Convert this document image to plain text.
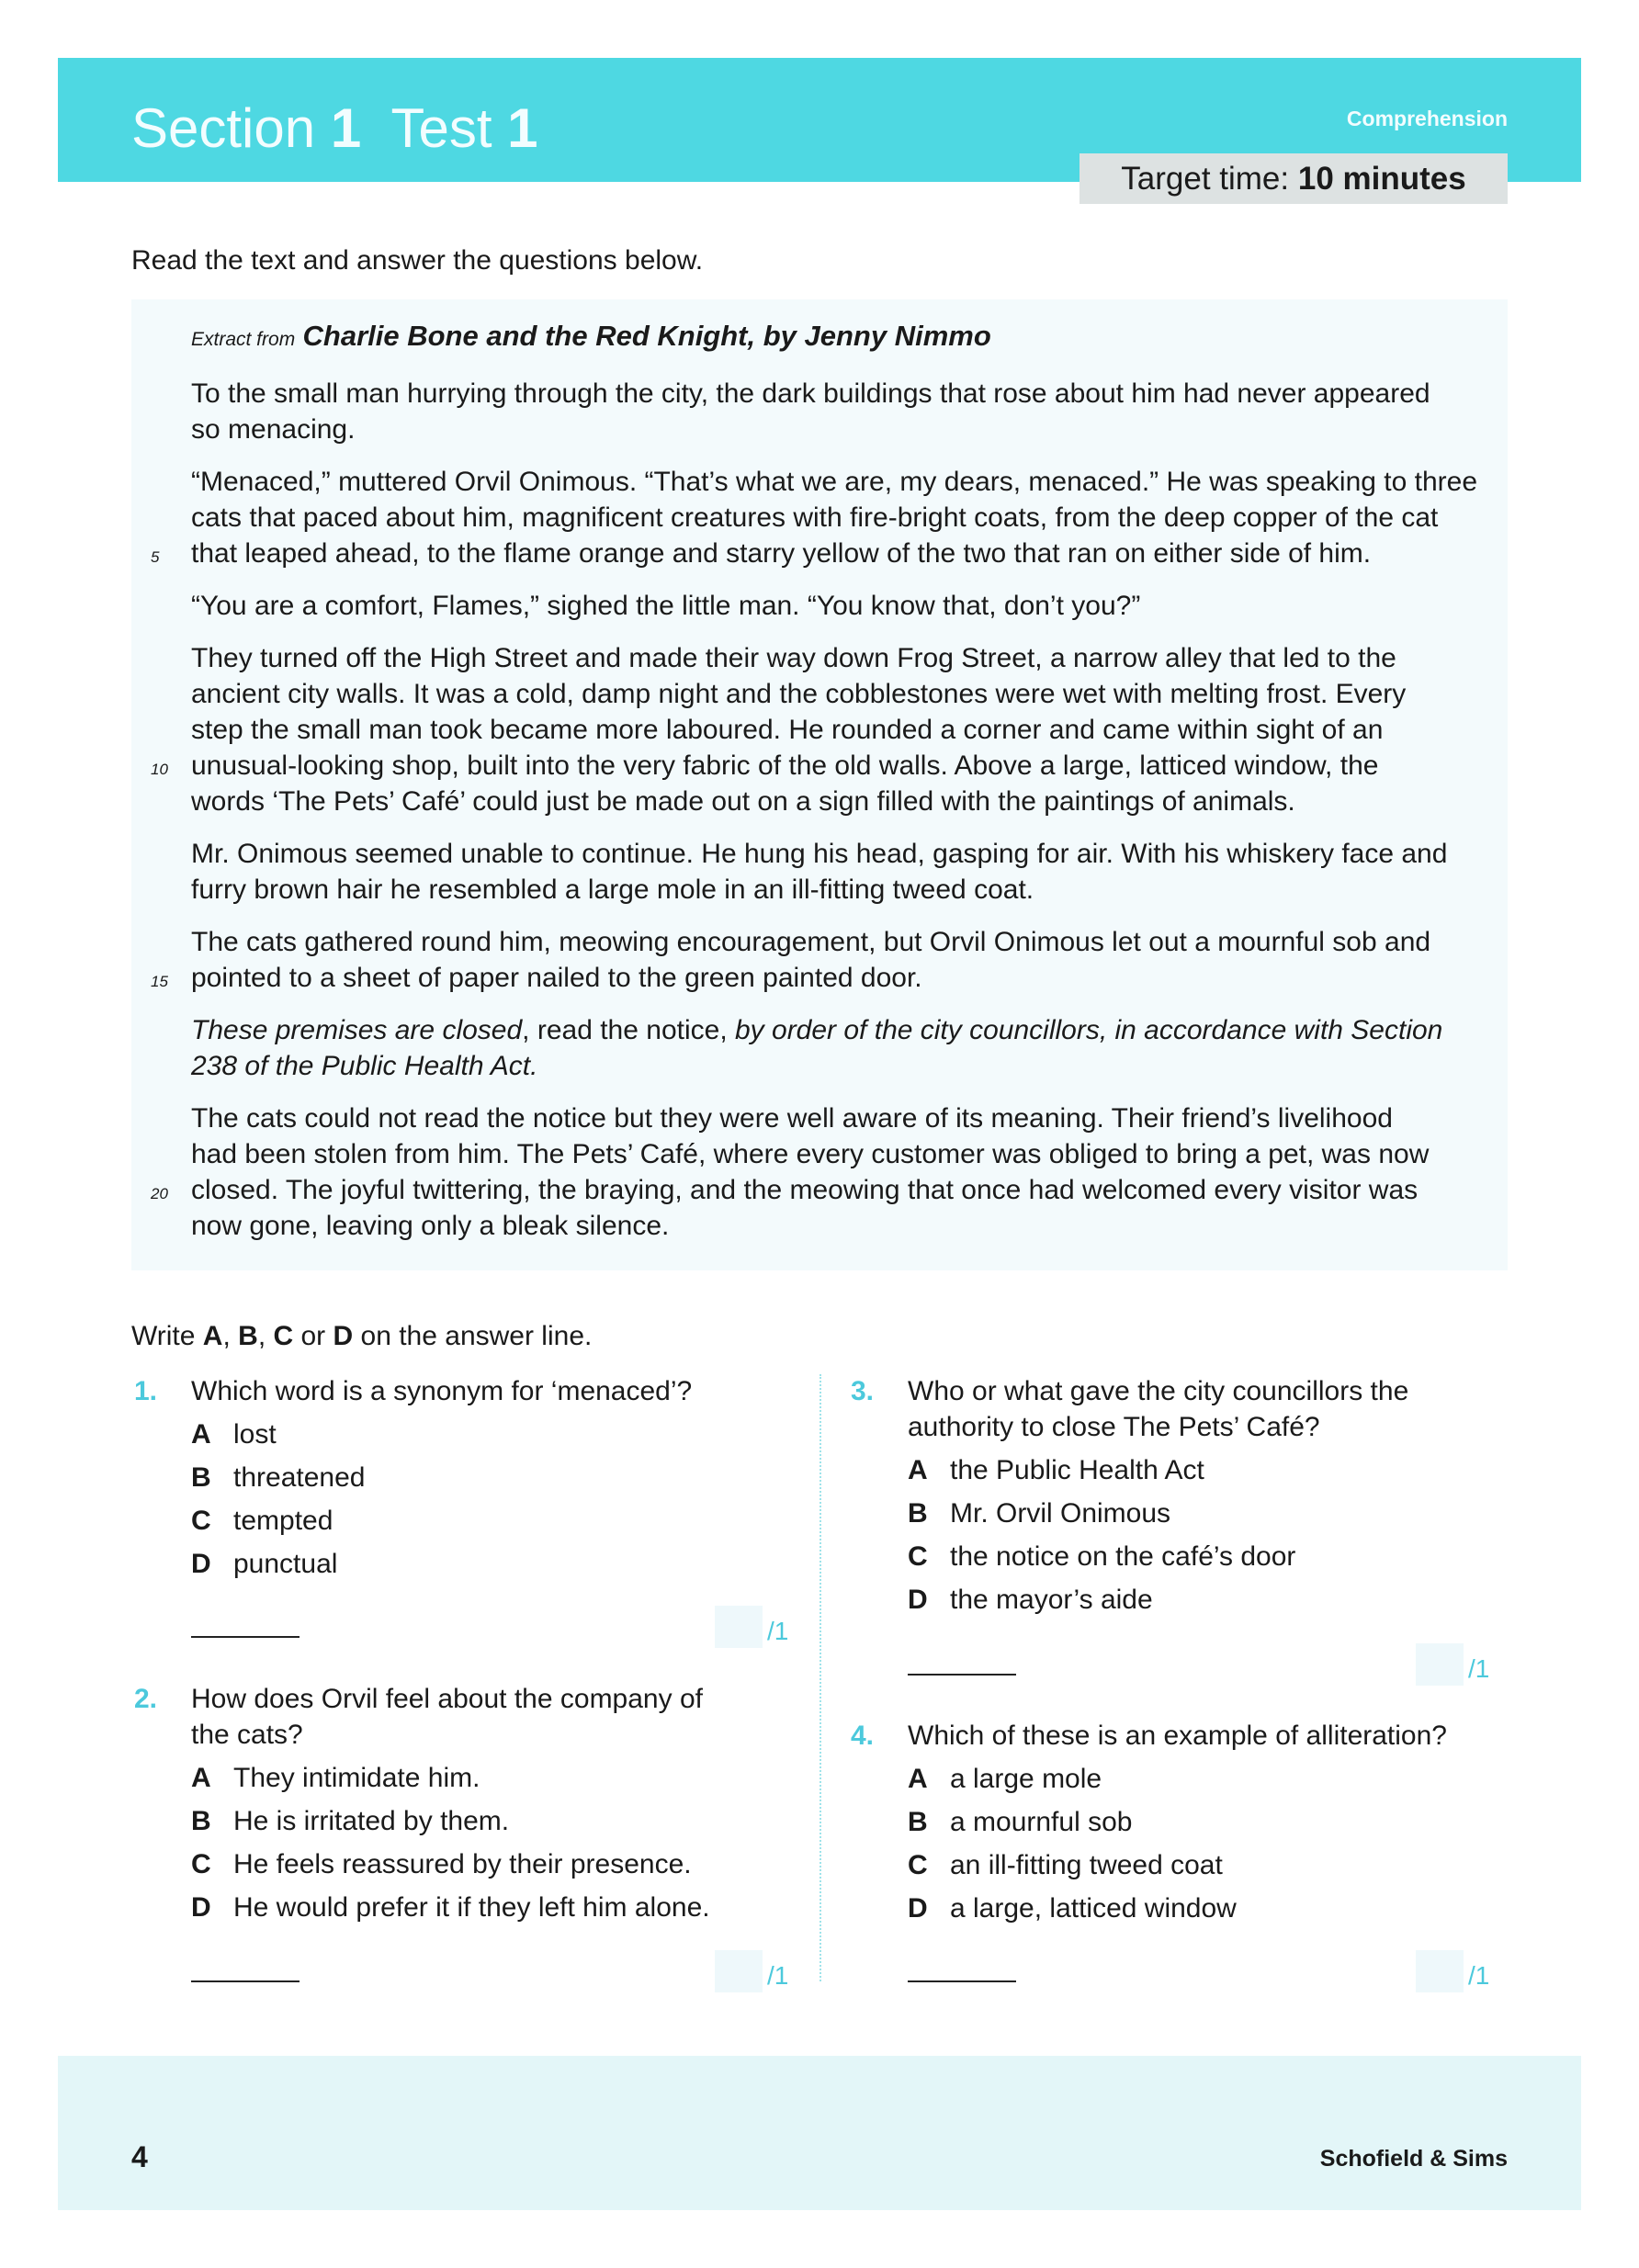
Section 1 Test 1	Comprehension
Target time: 10 minutes
Read the text and answer the questions below.
Extract from Charlie Bone and the Red Knight, by Jenny Nimmo
To the small man hurrying through the city, the dark buildings that rose about him had never appeared
so menacing.
“Menaced,” muttered Orvil Onimous. “That’s what we are, my dears, menaced.” He was speaking to three
cats that paced about him, magnificent creatures with fire-bright coats, from the deep copper of the cat
5 that leaped ahead, to the flame orange and starry yellow of the two that ran on either side of him.
“You are a comfort, Flames,” sighed the little man. “You know that, don’t you?”
They turned off the High Street and made their way down Frog Street, a narrow alley that led to the
ancient city walls. It was a cold, damp night and the cobblestones were wet with melting frost. Every
step the small man took became more laboured. He rounded a corner and came within sight of an
10 unusual-looking shop, built into the very fabric of the old walls. Above a large, latticed window, the
words ‘The Pets’ Café’ could just be made out on a sign filled with the paintings of animals.
Mr. Onimous seemed unable to continue. He hung his head, gasping for air. With his whiskery face and
furry brown hair he resembled a large mole in an ill-fitting tweed coat.
The cats gathered round him, meowing encouragement, but Orvil Onimous let out a mournful sob and
15 pointed to a sheet of paper nailed to the green painted door.
These premises are closed, read the notice, by order of the city councillors, in accordance with Section
238 of the Public Health Act.
The cats could not read the notice but they were well aware of its meaning. Their friend’s livelihood
had been stolen from him. The Pets’ Café, where every customer was obliged to bring a pet, was now
20 closed. The joyful twittering, the braying, and the meowing that once had welcomed every visitor was
now gone, leaving only a bleak silence.
Write A, B, C or D on the answer line.
1. Which word is a synonym for ‘menaced’?
A lost
B threatened
C tempted
D punctual
/1
2. How does Orvil feel about the company of
the cats?
A They intimidate him.
B He is irritated by them.
C He feels reassured by their presence.
D He would prefer it if they left him alone.
/1
3. Who or what gave the city councillors the
authority to close The Pets’ Café?
A the Public Health Act
B Mr. Orvil Onimous
C the notice on the café’s door
D the mayor’s aide
/1
4. Which of these is an example of alliteration?
A a large mole
B a mournful sob
C an ill-fitting tweed coat
D a large, latticed window
/1
4	Schofield & Sims
